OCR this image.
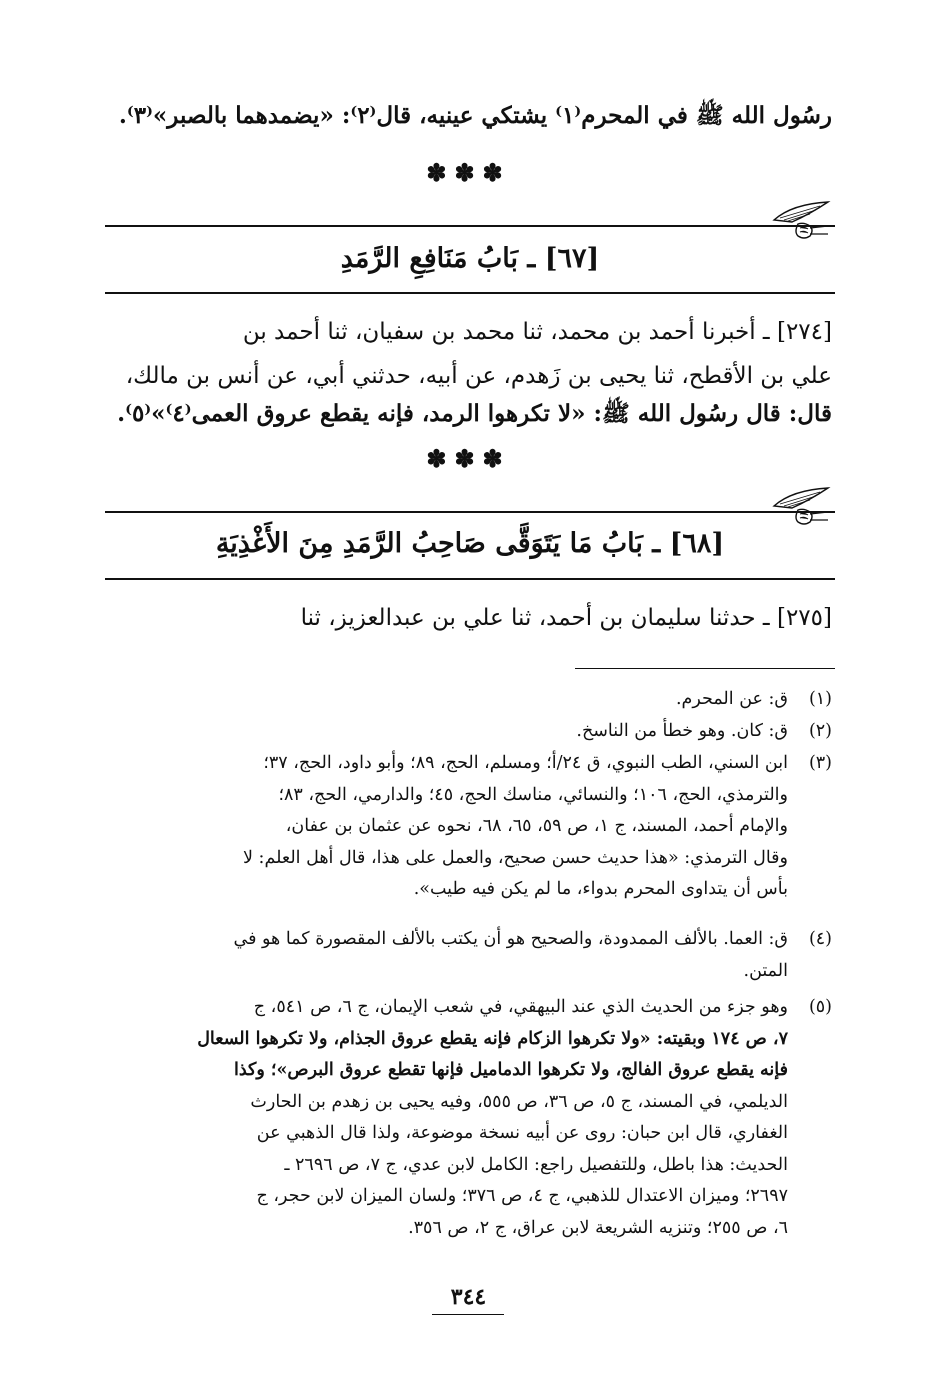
رسُول الله ﷺ في المحرم⁽١⁾ يشتكي عينيه، قال⁽٢⁾: «يضمدهما بالصبر»⁽٣⁾.
✽✽✽
[٦٧] ـ بَابُ مَنَافِعِ الرَّمَدِ
[٢٧٤] ـ أخبرنا أحمد بن محمد، ثنا محمد بن سفيان، ثنا أحمد بن
علي بن الأقطح، ثنا يحيى بن زَهدم، عن أبيه، حدثني أبي، عن أنس بن مالك،
قال: قال رسُول الله ﷺ: «لا تكرهوا الرمد، فإنه يقطع عروق العمى⁽٤⁾»⁽٥⁾.
✽✽✽
[٦٨] ـ بَابُ مَا يَتَوَقَّى صَاحِبُ الرَّمَدِ مِنَ الأَغْذِيَةِ
[٢٧٥] ـ حدثنا سليمان بن أحمد، ثنا علي بن عبدالعزيز، ثنا
(١)
ق: عن المحرم.
(٢)
ق: كان. وهو خطأ من الناسخ.
(٣)
ابن السني، الطب النبوي، ق ٢٤/أ؛ ومسلم، الحج، ٨٩؛ وأبو داود، الحج، ٣٧؛
والترمذي، الحج، ١٠٦؛ والنسائي، مناسك الحج، ٤٥؛ والدارمي، الحج، ٨٣؛
والإمام أحمد، المسند، ج ١، ص ٥٩، ٦٥، ٦٨، نحوه عن عثمان بن عفان،
وقال الترمذي: «هذا حديث حسن صحيح، والعمل على هذا، قال أهل العلم: لا
بأس أن يتداوى المحرم بدواء، ما لم يكن فيه طيب».
(٤)
ق: العما. بالألف الممدودة، والصحيح هو أن يكتب بالألف المقصورة كما هو في
المتن.
(٥)
وهو جزء من الحديث الذي عند البيهقي، في شعب الإيمان، ج ٦، ص ٥٤١، ج
٧، ص ١٧٤ وبقيته: «ولا تكرهوا الزكام فإنه يقطع عروق الجذام، ولا تكرهوا السعال
فإنه يقطع عروق الفالج، ولا تكرهوا الدماميل فإنها تقطع عروق البرص»؛ وكذا
الديلمي، في المسند، ج ٥، ص ٣٦، ص ٥٥٥، وفيه يحيى بن زهدم بن الحارث
الغفاري، قال ابن حبان: روى عن أبيه نسخة موضوعة، ولذا قال الذهبي عن
الحديث: هذا باطل، وللتفصيل راجع: الكامل لابن عدي، ج ٧، ص ٢٦٩٦ ـ
٢٦٩٧؛ وميزان الاعتدال للذهبي، ج ٤، ص ٣٧٦؛ ولسان الميزان لابن حجر، ج
٦، ص ٢٥٥؛ وتنزيه الشريعة لابن عراق، ج ٢، ص ٣٥٦.
٣٤٤
